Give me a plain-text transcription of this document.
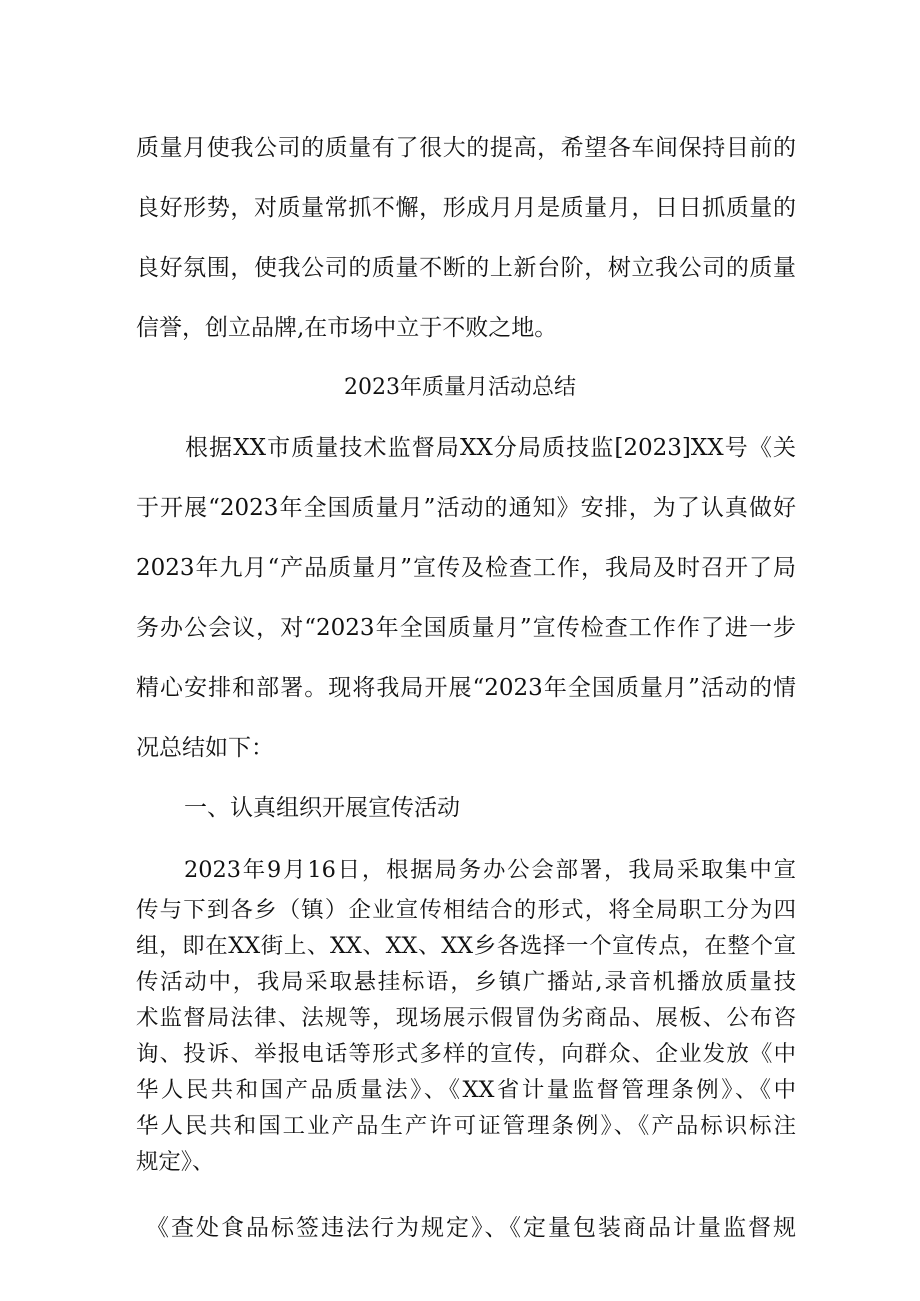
质量月使我公司的质量有了很大的提高，希望各车间保持目前的
良好形势，对质量常抓不懈，形成月月是质量月，日日抓质量的
良好氛围，使我公司的质量不断的上新台阶，树立我公司的质量
信誉，创立品牌,在市场中立于不败之地。
2023年质量月活动总结
根据XX市质量技术监督局XX分局质技监[2023]XX号《关
于开展“2023年全国质量月”活动的通知》安排，为了认真做好
2023年九月“产品质量月”宣传及检查工作，我局及时召开了局
务办公会议，对“2023年全国质量月”宣传检查工作作了进一步
精心安排和部署。现将我局开展“2023年全国质量月”活动的情
况总结如下：
一、认真组织开展宣传活动
2023年9月16日，根据局务办公会部署，我局采取集中宣
传与下到各乡（镇）企业宣传相结合的形式，将全局职工分为四
组，即在XX街上、XX、XX、XX乡各选择一个宣传点，在整个宣
传活动中，我局采取悬挂标语，乡镇广播站,录音机播放质量技
术监督局法律、法规等，现场展示假冒伪劣商品、展板、公布咨
询、投诉、举报电话等形式多样的宣传，向群众、企业发放《中
华人民共和国产品质量法》、《XX省计量监督管理条例》、《中
华人民共和国工业产品生产许可证管理条例》、《产品标识标注
规定》、
《查处食品标签违法行为规定》、《定量包装商品计量监督规
